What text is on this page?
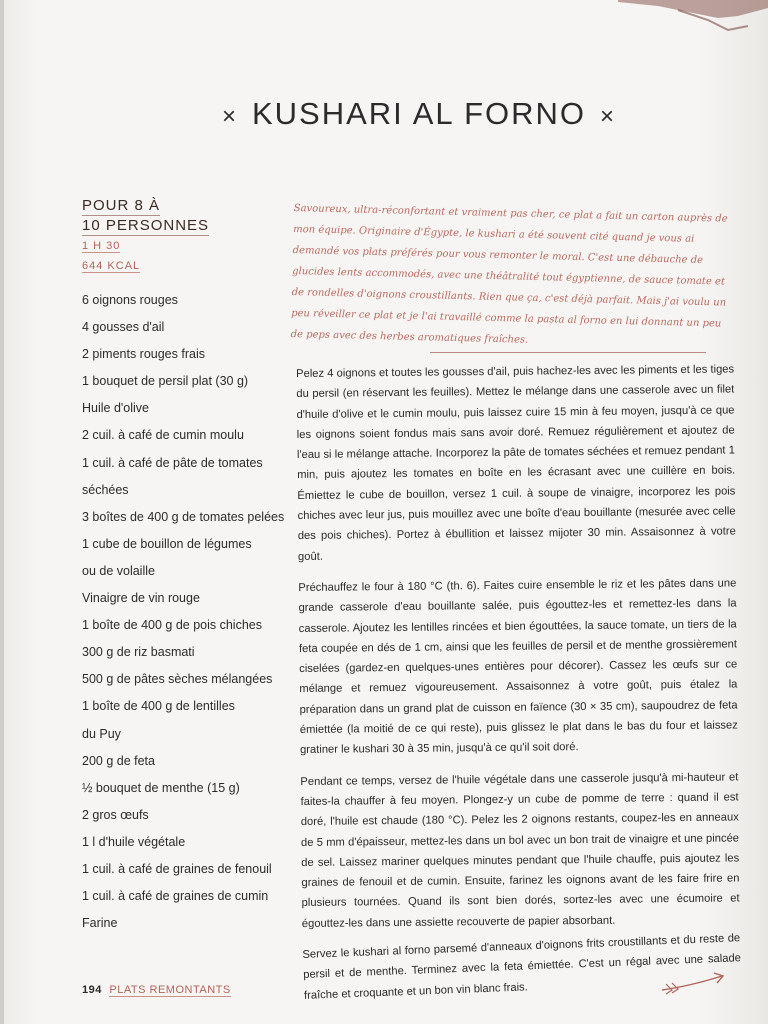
× KUSHARI AL FORNO ×
POUR 8 À
10 PERSONNES
1 H 30
644 KCAL
6 oignons rouges
4 gousses d'ail
2 piments rouges frais
1 bouquet de persil plat (30 g)
Huile d'olive
2 cuil. à café de cumin moulu
1 cuil. à café de pâte de tomates
séchées
3 boîtes de 400 g de tomates pelées
1 cube de bouillon de légumes
ou de volaille
Vinaigre de vin rouge
1 boîte de 400 g de pois chiches
300 g de riz basmati
500 g de pâtes sèches mélangées
1 boîte de 400 g de lentilles
du Puy
200 g de feta
½ bouquet de menthe (15 g)
2 gros œufs
1 l d'huile végétale
1 cuil. à café de graines de fenouil
1 cuil. à café de graines de cumin
Farine
Savoureux, ultra-réconfortant et vraiment pas cher, ce plat a fait un carton auprès de mon équipe. Originaire d'Égypte, le kushari a été souvent cité quand je vous ai demandé vos plats préférés pour vous remonter le moral. C'est une débauche de glucides lents accommodés, avec une théâtralité tout égyptienne, de sauce tomate et de rondelles d'oignons croustillants. Rien que ça, c'est déjà parfait. Mais j'ai voulu un peu réveiller ce plat et je l'ai travaillé comme la pasta al forno en lui donnant un peu de peps avec des herbes aromatiques fraîches.

Pelez 4 oignons et toutes les gousses d'ail, puis hachez-les avec les piments et les tiges du persil (en réservant les feuilles). Mettez le mélange dans une casserole avec un filet d'huile d'olive et le cumin moulu, puis laissez cuire 15 min à feu moyen, jusqu'à ce que les oignons soient fondus mais sans avoir doré. Remuez régulièrement et ajoutez de l'eau si le mélange attache. Incorporez la pâte de tomates séchées et remuez pendant 1 min, puis ajoutez les tomates en boîte en les écrasant avec une cuillère en bois. Émiettez le cube de bouillon, versez 1 cuil. à soupe de vinaigre, incorporez les pois chiches avec leur jus, puis mouillez avec une boîte d'eau bouillante (mesurée avec celle des pois chiches). Portez à ébullition et laissez mijoter 30 min. Assaisonnez à votre goût.

Préchauffez le four à 180 °C (th. 6). Faites cuire ensemble le riz et les pâtes dans une grande casserole d'eau bouillante salée, puis égouttez-les et remettez-les dans la casserole. Ajoutez les lentilles rincées et bien égouttées, la sauce tomate, un tiers de la feta coupée en dés de 1 cm, ainsi que les feuilles de persil et de menthe grossièrement ciselées (gardez-en quelques-unes entières pour décorer). Cassez les œufs sur ce mélange et remuez vigoureusement. Assaisonnez à votre goût, puis étalez la préparation dans un grand plat de cuisson en faïence (30 × 35 cm), saupoudrez de feta émiettée (la moitié de ce qui reste), puis glissez le plat dans le bas du four et laissez gratiner le kushari 30 à 35 min, jusqu'à ce qu'il soit doré.

Pendant ce temps, versez de l'huile végétale dans une casserole jusqu'à mi-hauteur et faites-la chauffer à feu moyen. Plongez-y un cube de pomme de terre : quand il est doré, l'huile est chaude (180 °C). Pelez les 2 oignons restants, coupez-les en anneaux de 5 mm d'épaisseur, mettez-les dans un bol avec un bon trait de vinaigre et une pincée de sel. Laissez mariner quelques minutes pendant que l'huile chauffe, puis ajoutez les graines de fenouil et de cumin. Ensuite, farinez les oignons avant de les faire frire en plusieurs tournées. Quand ils sont bien dorés, sortez-les avec une écumoire et égouttez-les dans une assiette recouverte de papier absorbant.

Servez le kushari al forno parsemé d'anneaux d'oignons frits croustillants et du reste de persil et de menthe. Terminez avec la feta émiettée. C'est un régal avec une salade fraîche et croquante et un bon vin blanc frais.

194 PLATS REMONTANTS
